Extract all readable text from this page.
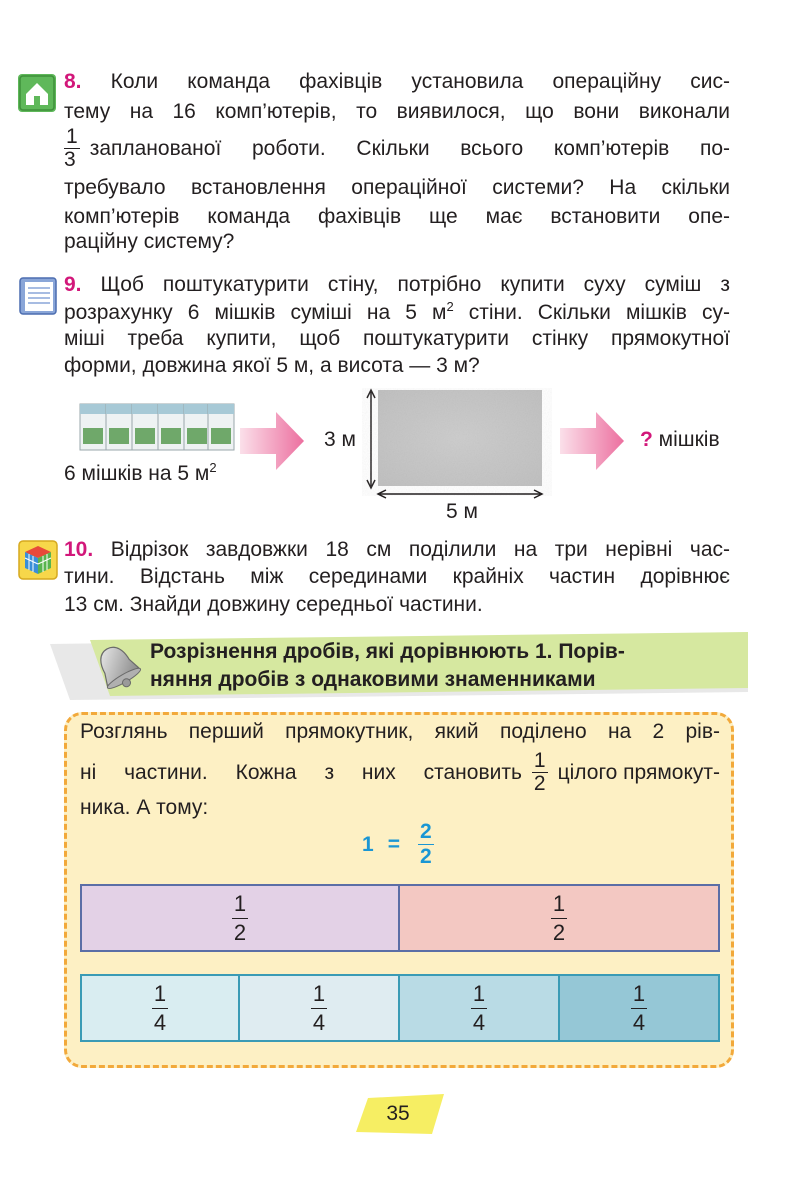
8. Коли команда фахівців установила операційну сис-
тему на 16 комп’ютерів, то виявилося, що вони виконали
$\frac{1}{3}$ запланованої роботи. Скільки всього комп’ютерів по-
требувало встановлення операційної системи? На скільки
комп’ютерів команда фахівців ще має встановити опе-
раційну систему?
9. Щоб поштукатурити стіну, потрібно купити суху суміш з
розрахунку 6 мішків суміші на 5 $м^2$ стіни. Скільки мішків су-
міші треба купити, щоб поштукатурити стінку прямокутної
форми, довжина якої 5 м, а висота — 3 м?
6 мішків на 5 $м^2$
3 м
5 м
? мішків
10. Відрізок завдовжки 18 см поділили на три нерівні час-
тини. Відстань між серединами крайніх частин дорівнює
13 см. Знайди довжину середньої частини.
Розрізнення дробів, які дорівнюють 1. Порів-
няння дробів з однаковими знаменниками
Розглянь перший прямокутник, який поділено на 2 рів-
ні частини. Кожна з них становить $\frac{1}{2}$ цілого прямокут-
ника. А тому:
$1 = \frac{2}{2}$
$\frac{1}{2}$	$\frac{1}{2}$
$\frac{1}{4}$	$\frac{1}{4}$	$\frac{1}{4}$	$\frac{1}{4}$
35
